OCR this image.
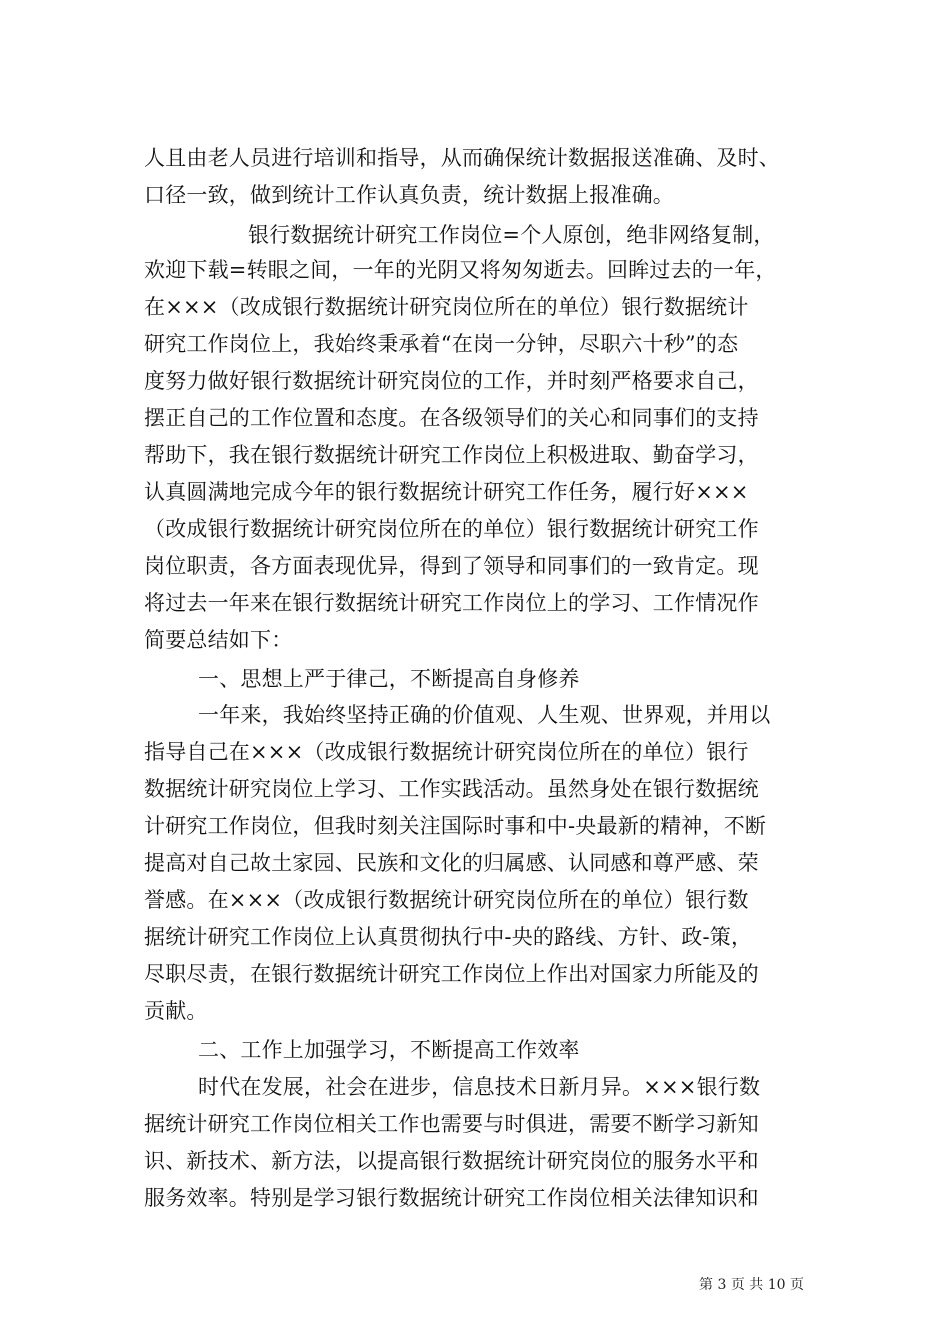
人且由老人员进行培训和指导，从而确保统计数据报送准确、及时、

口径一致，做到统计工作认真负责，统计数据上报准确。

银行数据统计研究工作岗位=个人原创，绝非网络复制，

欢迎下载=转眼之间，一年的光阴又将匆匆逝去。回眸过去的一年，

在×××（改成银行数据统计研究岗位所在的单位）银行数据统计

研究工作岗位上，我始终秉承着“在岗一分钟，尽职六十秒”的态

度努力做好银行数据统计研究岗位的工作，并时刻严格要求自己，

摆正自己的工作位置和态度。在各级领导们的关心和同事们的支持

帮助下，我在银行数据统计研究工作岗位上积极进取、勤奋学习，

认真圆满地完成今年的银行数据统计研究工作任务，履行好×××

（改成银行数据统计研究岗位所在的单位）银行数据统计研究工作

岗位职责，各方面表现优异，得到了领导和同事们的一致肯定。现

将过去一年来在银行数据统计研究工作岗位上的学习、工作情况作

简要总结如下：

一、思想上严于律己，不断提高自身修养

一年来，我始终坚持正确的价值观、人生观、世界观，并用以

指导自己在×××（改成银行数据统计研究岗位所在的单位）银行

数据统计研究岗位上学习、工作实践活动。虽然身处在银行数据统

计研究工作岗位，但我时刻关注国际时事和中-央最新的精神，不断

提高对自己故土家园、民族和文化的归属感、认同感和尊严感、荣

誉感。在×××（改成银行数据统计研究岗位所在的单位）银行数

据统计研究工作岗位上认真贯彻执行中-央的路线、方针、政-策，

尽职尽责，在银行数据统计研究工作岗位上作出对国家力所能及的

贡献。

二、工作上加强学习，不断提高工作效率

时代在发展，社会在进步，信息技术日新月异。×××银行数

据统计研究工作岗位相关工作也需要与时俱进，需要不断学习新知

识、新技术、新方法，以提高银行数据统计研究岗位的服务水平和

服务效率。特别是学习银行数据统计研究工作岗位相关法律知识和

第 3 页 共 10 页
